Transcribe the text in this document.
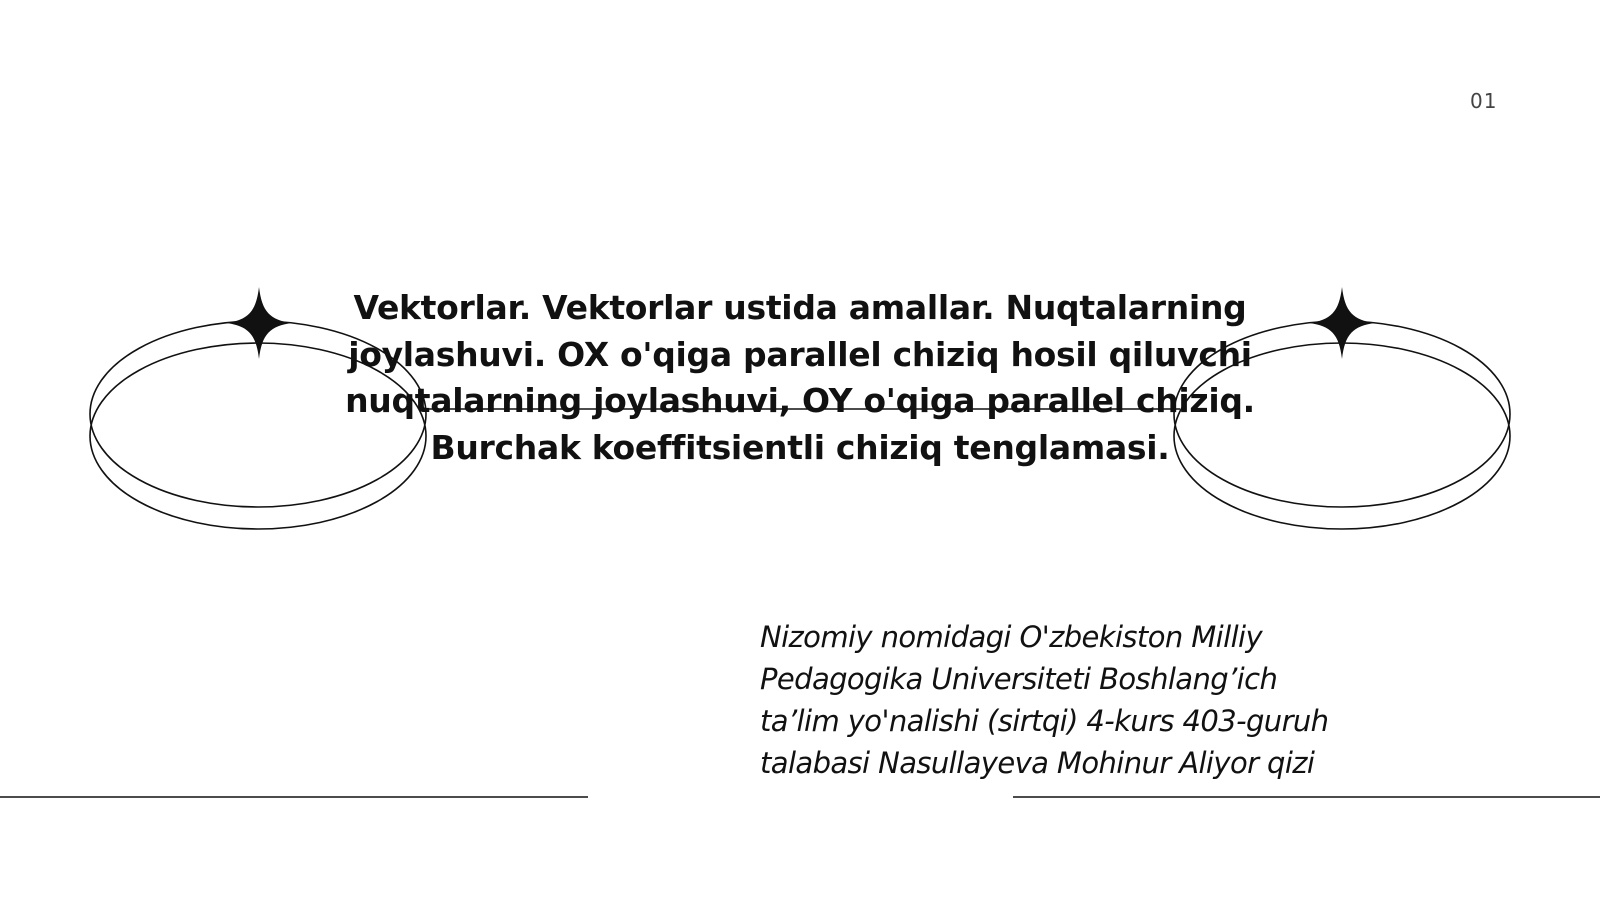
01
Vektorlar. Vektorlar ustida amallar. Nuqtalarning joylashuvi. OX o'qiga parallel chiziq hosil qiluvchi nuqtalarning joylashuvi, OY o'qiga parallel chiziq. Burchak koeffitsientli chiziq tenglamasi.

Nizomiy nomidagi O'zbekiston Milliy Pedagogika Universiteti Boshlang’ich ta’lim yo'nalishi (sirtqi) 4-kurs 403-guruh talabasi Nasullayeva Mohinur Aliyor qizi
